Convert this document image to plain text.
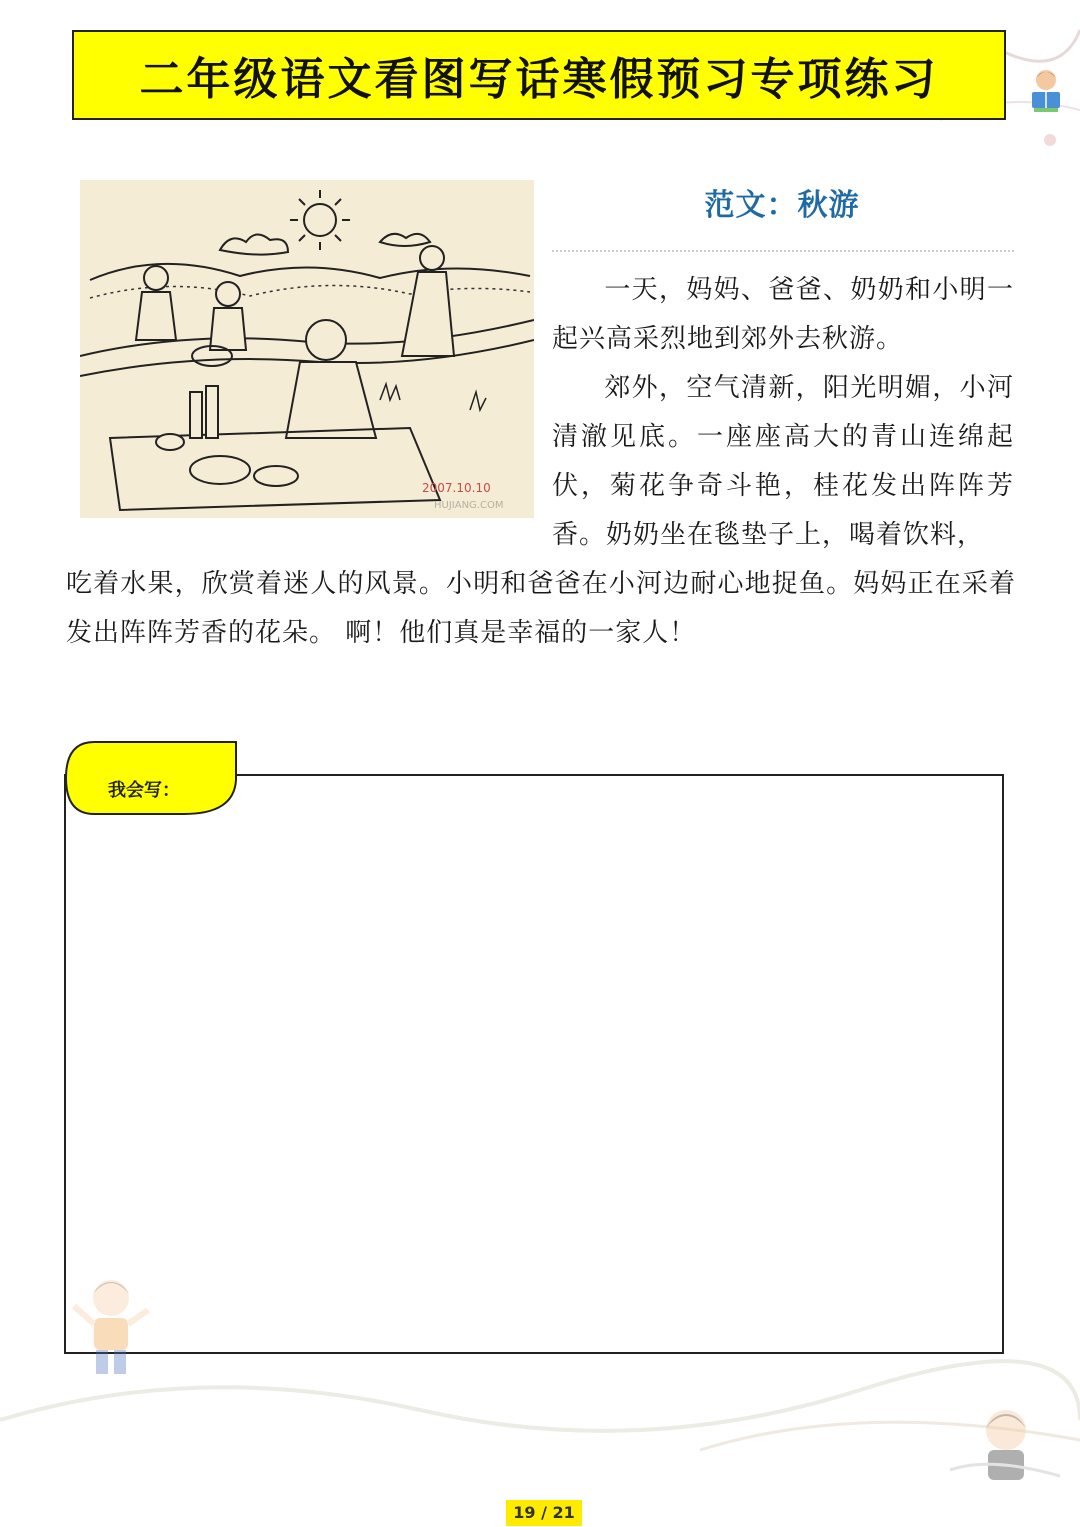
二年级语文看图写话寒假预习专项练习
2007.10.10
HUJIANG.COM
范文：秋游

一天，妈妈、爸爸、奶奶和小明一起兴高采烈地到郊外去秋游。

郊外，空气清新，阳光明媚，小河清澈见底。一座座高大的青山连绵起伏，菊花争奇斗艳，桂花发出阵阵芳香。奶奶坐在毯垫子上，喝着饮料，

吃着水果，欣赏着迷人的风景。小明和爸爸在小河边耐心地捉鱼。妈妈正在采着发出阵阵芳香的花朵。 啊！他们真是幸福的一家人！

我会写：
19 / 21
